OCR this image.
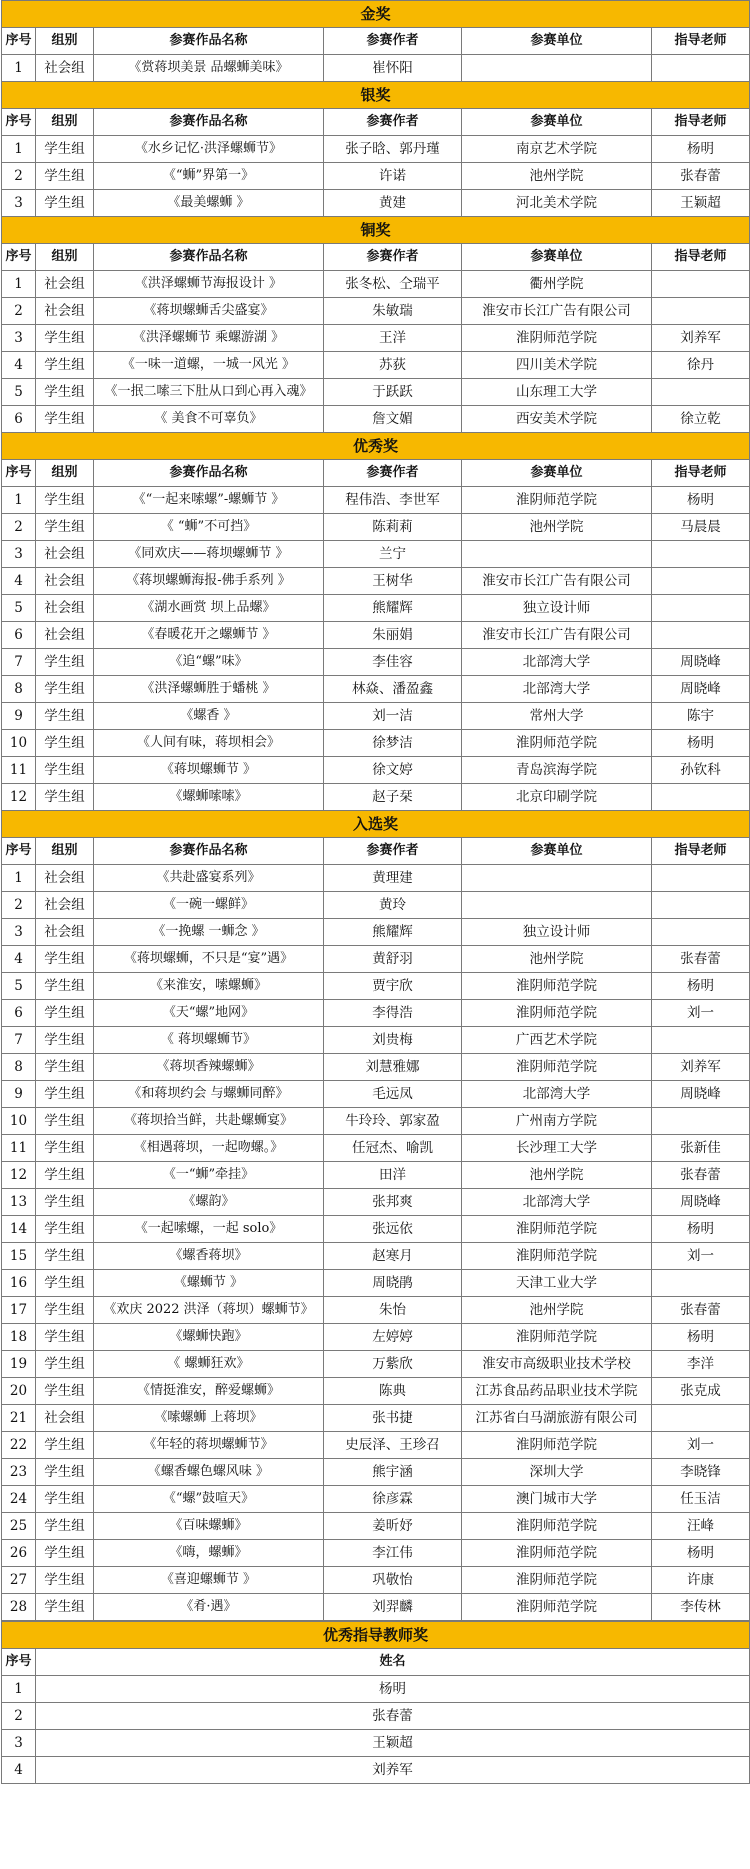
金奖					
序号	组别	参赛作品名称	参赛作者	参赛单位	指导老师
1	社会组	《赏蒋坝美景 品螺蛳美味》	崔怀阳		
银奖					
序号	组别	参赛作品名称	参赛作者	参赛单位	指导老师
1	学生组	《水乡记忆·洪泽螺蛳节》	张子晗、郭丹瑾	南京艺术学院	杨明
2	学生组	《“蛳”界第一》	许诺	池州学院	张春蕾
3	学生组	《最美螺蛳 》	黄建	河北美术学院	王颖超
铜奖					
序号	组别	参赛作品名称	参赛作者	参赛单位	指导老师
1	社会组	《洪泽螺蛳节海报设计 》	张冬松、仝瑞平	衢州学院	
2	社会组	《蒋坝螺蛳舌尖盛宴》	朱敏瑞	淮安市长江广告有限公司	
3	学生组	《洪泽螺蛳节 乘螺游湖 》	王洋	淮阴师范学院	刘养军
4	学生组	《一味一道螺，一城一风光 》	苏荻	四川美术学院	徐丹
5	学生组	《一抿二嗦三下肚从口到心再入魂》	于跃跃	山东理工大学	
6	学生组	《 美食不可辜负》	詹文媚	西安美术学院	徐立乾
优秀奖					
序号	组别	参赛作品名称	参赛作者	参赛单位	指导老师
1	学生组	《“一起来嗦螺”-螺蛳节 》	程伟浩、李世军	淮阴师范学院	杨明
2	学生组	《 “蛳”不可挡》	陈莉莉	池州学院	马晨晨
3	社会组	《同欢庆——蒋坝螺蛳节 》	兰宁		
4	社会组	《蒋坝螺蛳海报-佛手系列 》	王树华	淮安市长江广告有限公司	
5	社会组	《湖水画赏 坝上品螺》	熊耀辉	独立设计师	
6	社会组	《春暖花开之螺蛳节 》	朱丽娟	淮安市长江广告有限公司	
7	学生组	《追“螺”味》	李佳容	北部湾大学	周晓峰
8	学生组	《洪泽螺蛳胜于蟠桃 》	林焱、潘盈鑫	北部湾大学	周晓峰
9	学生组	《螺香 》	刘一洁	常州大学	陈宇
10	学生组	《人间有味，蒋坝相会》	徐梦洁	淮阴师范学院	杨明
11	学生组	《蒋坝螺蛳节 》	徐文婷	青岛滨海学院	孙钦科
12	学生组	《螺蛳嗦嗦》	赵子栞	北京印刷学院	
入选奖					
序号	组别	参赛作品名称	参赛作者	参赛单位	指导老师
1	社会组	《共赴盛宴系列》	黄理建		
2	社会组	《一碗一螺鲜》	黄玲		
3	社会组	《一挽螺 一蛳念 》	熊耀辉	独立设计师	
4	学生组	《蒋坝螺蛳，不只是“宴”遇》	黄舒羽	池州学院	张春蕾
5	学生组	《来淮安，嗦螺蛳》	贾宇欣	淮阴师范学院	杨明
6	学生组	《天“螺”地网》	李得浩	淮阴师范学院	刘一
7	学生组	《 蒋坝螺蛳节》	刘贵梅	广西艺术学院	
8	学生组	《蒋坝香辣螺蛳》	刘慧雅娜	淮阴师范学院	刘养军
9	学生组	《和蒋坝约会 与螺蛳同醉》	毛远凤	北部湾大学	周晓峰
10	学生组	《蒋坝拾当鲜，共赴螺蛳宴》	牛玲玲、郭家盈	广州南方学院	
11	学生组	《相遇蒋坝，一起吻螺。》	任冠杰、喻凯	长沙理工大学	张新佳
12	学生组	《一“蛳”牵挂》	田洋	池州学院	张春蕾
13	学生组	《螺韵》	张邦爽	北部湾大学	周晓峰
14	学生组	《一起嗦螺，一起 solo》	张远依	淮阴师范学院	杨明
15	学生组	《螺香蒋坝》	赵寒月	淮阴师范学院	刘一
16	学生组	《螺蛳节 》	周晓鹃	天津工业大学	
17	学生组	《欢庆 2022 洪泽（蒋坝）螺蛳节》	朱怡	池州学院	张春蕾
18	学生组	《螺蛳快跑》	左婷婷	淮阴师范学院	杨明
19	学生组	《 螺蛳狂欢》	万紫欣	淮安市高级职业技术学校	李洋
20	学生组	《情挺淮安，醉爱螺蛳》	陈典	江苏食品药品职业技术学院	张克成
21	社会组	《嗦螺蛳 上蒋坝》	张书捷	江苏省白马湖旅游有限公司	
22	学生组	《年轻的蒋坝螺蛳节》	史辰泽、王珍召	淮阴师范学院	刘一
23	学生组	《螺香螺色螺风味 》	熊宇涵	深圳大学	李晓锋
24	学生组	《“螺”鼓喧天》	徐彦霖	澳门城市大学	任玉洁
25	学生组	《百味螺蛳》	姜昕妤	淮阴师范学院	汪峰
26	学生组	《嗨，螺蛳》	李江伟	淮阴师范学院	杨明
27	学生组	《喜迎螺蛳节 》	巩敬怡	淮阴师范学院	许康
28	学生组	《肴·遇》	刘羿麟	淮阴师范学院	李传林
优秀指导教师奖	
序号	姓名
1	杨明
2	张春蕾
3	王颖超
4	刘养军
